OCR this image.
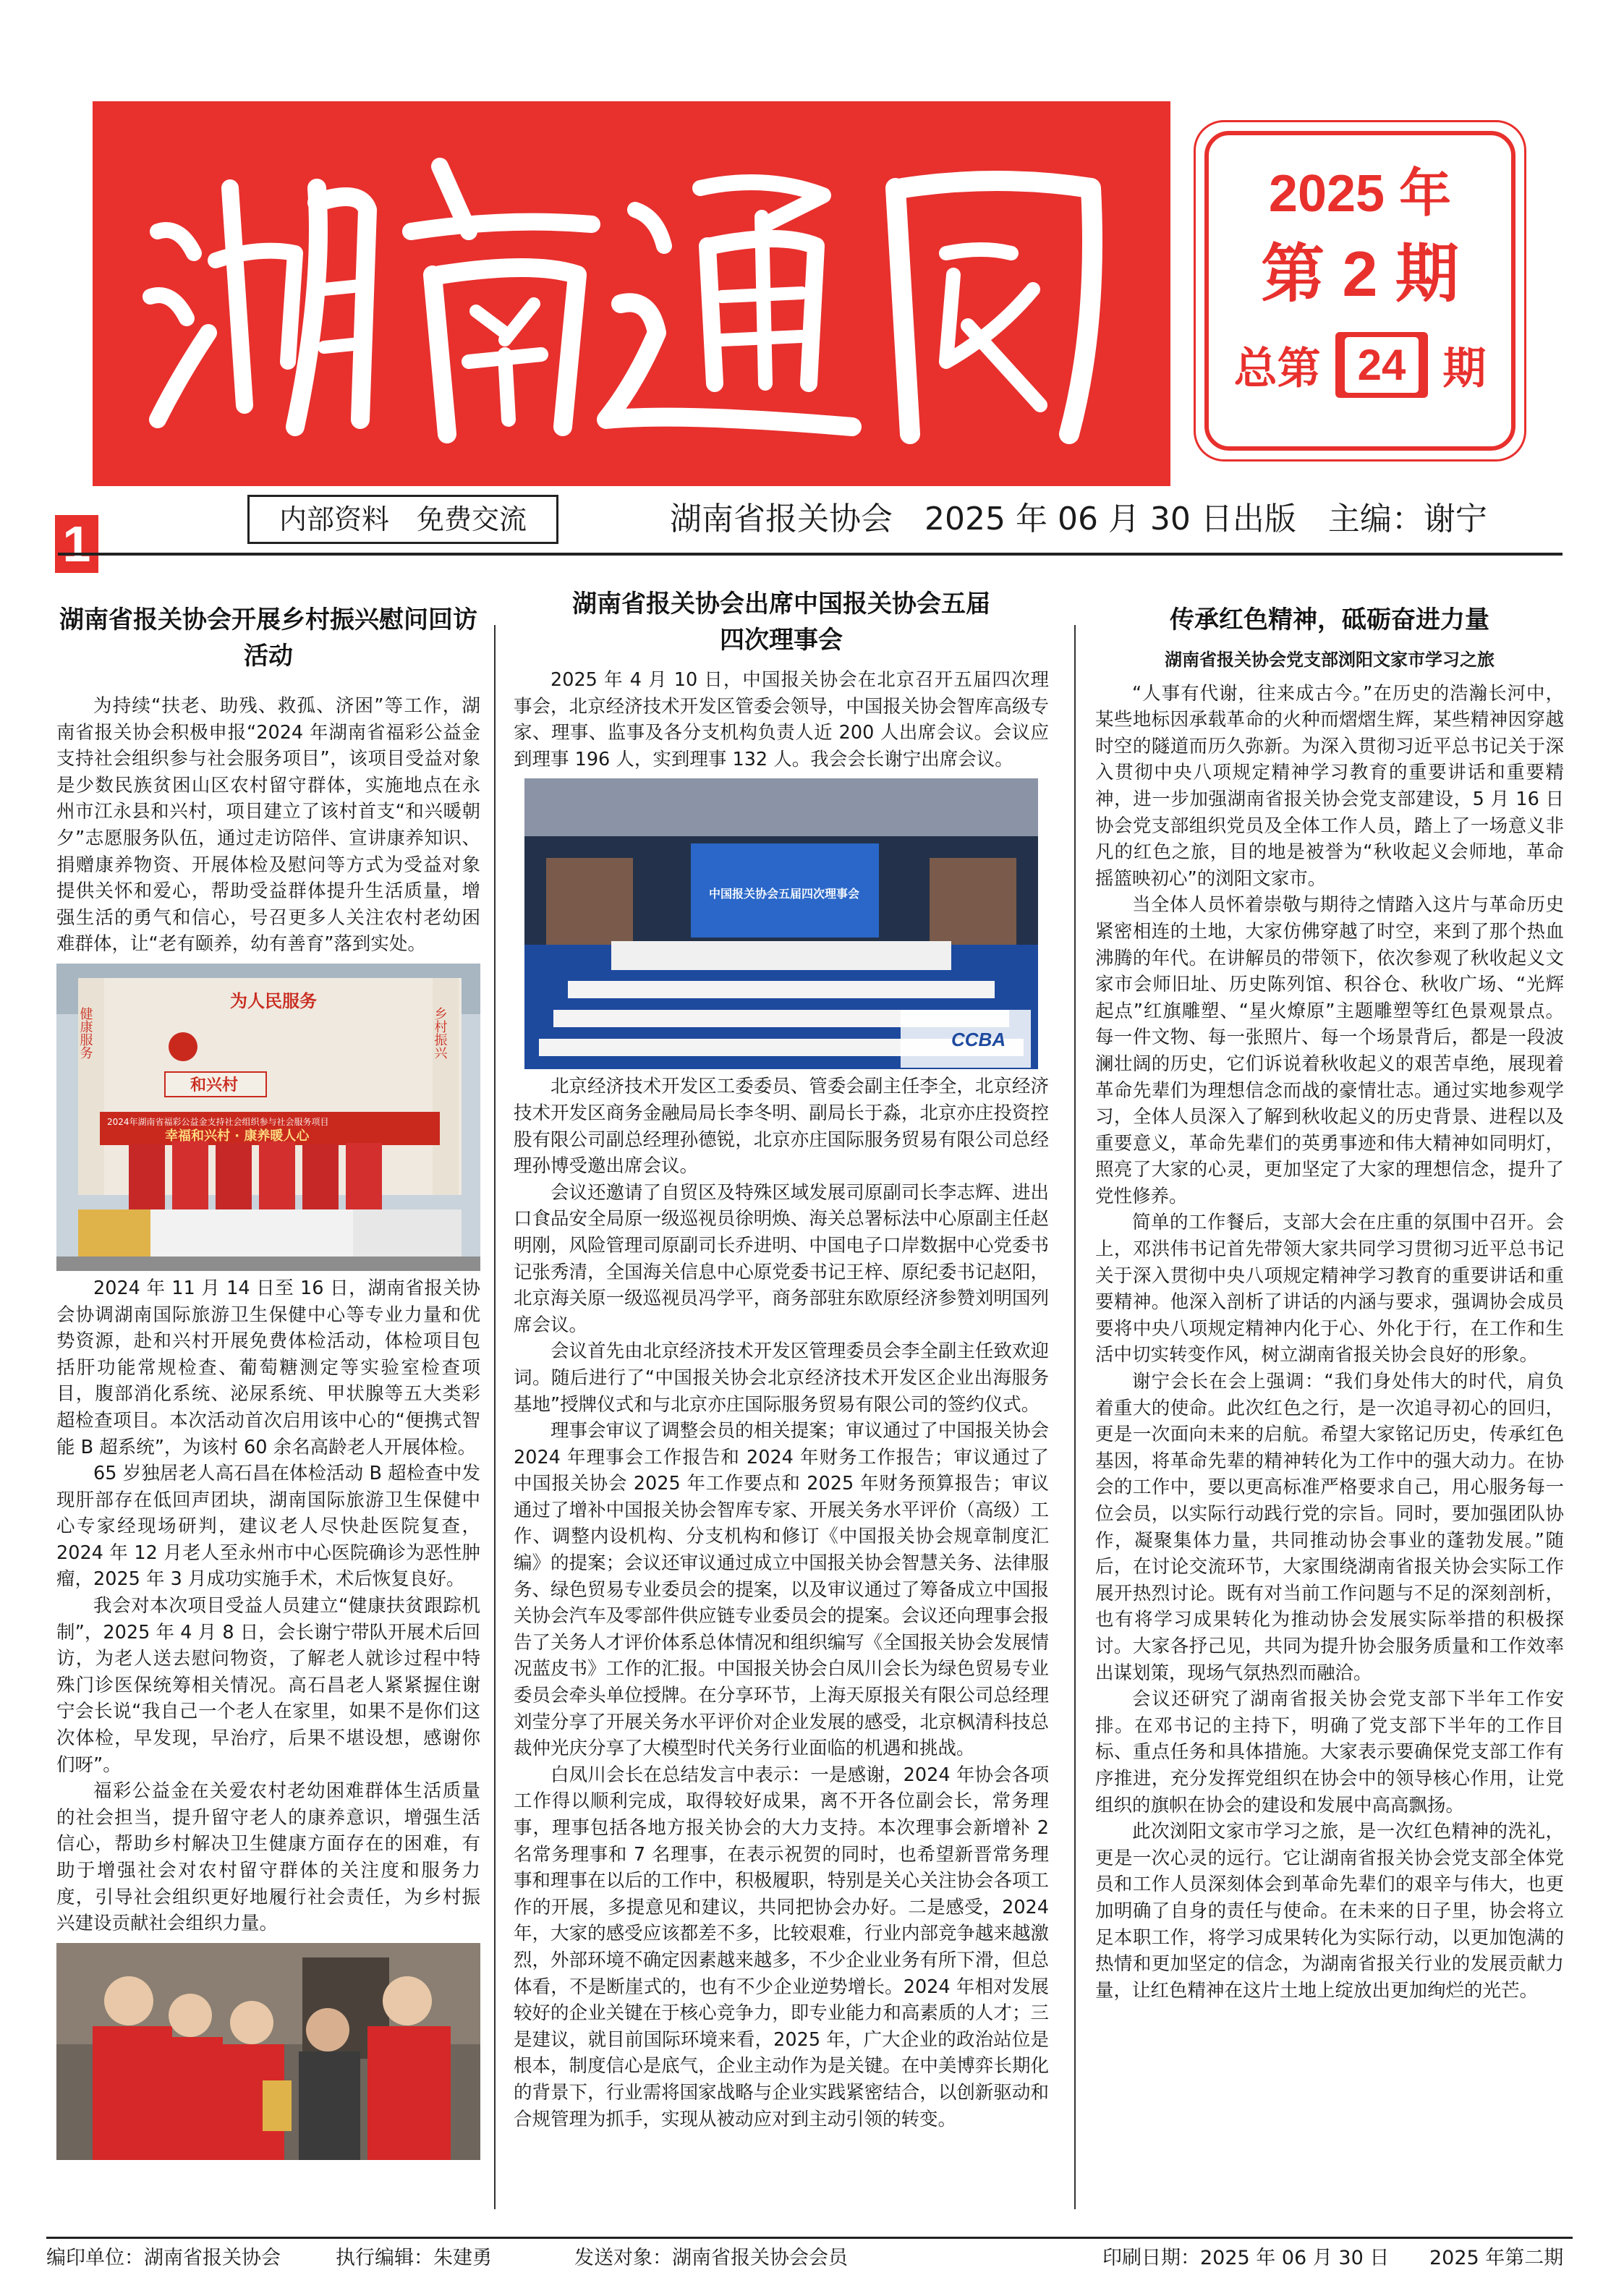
2025 年
第 2 期
总第 24 期
1	内部资料　免费交流	湖南省报关协会　2025 年 06 月 30 日出版　主编：谢宁
湖南省报关协会开展乡村振兴慰问回访活动

为持续“扶老、助残、救孤、济困”等工作，湖南省报关协会积极申报“2024 年湖南省福彩公益金支持社会组织参与社会服务项目”，该项目受益对象是少数民族贫困山区农村留守群体，实施地点在永州市江永县和兴村，项目建立了该村首支“和兴暖朝夕”志愿服务队伍，通过走访陪伴、宣讲康养知识、捐赠康养物资、开展体检及慰问等方式为受益对象提供关怀和爱心，帮助受益群体提升生活质量，增强生活的勇气和信心，号召更多人关注农村老幼困难群体，让“老有颐养，幼有善育”落到实处。

健康服务	乡村振兴
为人民服务
和兴村
2024年湖南省福彩公益金支持社会组织参与社会服务项目
幸福和兴村 · 康养暖人心

2024 年 11 月 14 日至 16 日，湖南省报关协会协调湖南国际旅游卫生保健中心等专业力量和优势资源，赴和兴村开展免费体检活动，体检项目包括肝功能常规检查、葡萄糖测定等实验室检查项目，腹部消化系统、泌尿系统、甲状腺等五大类彩超检查项目。本次活动首次启用该中心的“便携式智能 B 超系统”，为该村 60 余名高龄老人开展体检。

65 岁独居老人高石昌在体检活动 B 超检查中发现肝部存在低回声团块，湖南国际旅游卫生保健中心专家经现场研判，建议老人尽快赴医院复查，2024 年 12 月老人至永州市中心医院确诊为恶性肿瘤，2025 年 3 月成功实施手术，术后恢复良好。

我会对本次项目受益人员建立“健康扶贫跟踪机制”，2025 年 4 月 8 日，会长谢宁带队开展术后回访，为老人送去慰问物资，了解老人就诊过程中特殊门诊医保统筹相关情况。高石昌老人紧紧握住谢宁会长说“我自己一个老人在家里，如果不是你们这次体检，早发现，早治疗，后果不堪设想，感谢你们呀”。

福彩公益金在关爱农村老幼困难群体生活质量的社会担当，提升留守老人的康养意识，增强生活信心，帮助乡村解决卫生健康方面存在的困难，有助于增强社会对农村留守群体的关注度和服务力度，引导社会组织更好地履行社会责任，为乡村振兴建设贡献社会组织力量。

湖南省报关协会出席中国报关协会五届四次理事会

2025 年 4 月 10 日，中国报关协会在北京召开五届四次理事会，北京经济技术开发区管委会领导，中国报关协会智库高级专家、理事、监事及各分支机构负责人近 200 人出席会议。会议应到理事 196 人，实到理事 132 人。我会会长谢宁出席会议。

中国报关协会五届四次理事会
CCBA

北京经济技术开发区工委委员、管委会副主任李全，北京经济技术开发区商务金融局局长李冬明、副局长于淼，北京亦庄投资控股有限公司副总经理孙德锐，北京亦庄国际服务贸易有限公司总经理孙博受邀出席会议。

会议还邀请了自贸区及特殊区域发展司原副司长李志辉、进出口食品安全局原一级巡视员徐明焕、海关总署标法中心原副主任赵明刚，风险管理司原副司长乔进明、中国电子口岸数据中心党委书记张秀清，全国海关信息中心原党委书记王梓、原纪委书记赵阳，北京海关原一级巡视员冯学平，商务部驻东欧原经济参赞刘明国列席会议。

会议首先由北京经济技术开发区管理委员会李全副主任致欢迎词。随后进行了“中国报关协会北京经济技术开发区企业出海服务基地”授牌仪式和与北京亦庄国际服务贸易有限公司的签约仪式。

理事会审议了调整会员的相关提案；审议通过了中国报关协会 2024 年理事会工作报告和 2024 年财务工作报告；审议通过了中国报关协会 2025 年工作要点和 2025 年财务预算报告；审议通过了增补中国报关协会智库专家、开展关务水平评价（高级）工作、调整内设机构、分支机构和修订《中国报关协会规章制度汇编》的提案；会议还审议通过成立中国报关协会智慧关务、法律服务、绿色贸易专业委员会的提案，以及审议通过了筹备成立中国报关协会汽车及零部件供应链专业委员会的提案。会议还向理事会报告了关务人才评价体系总体情况和组织编写《全国报关协会发展情况蓝皮书》工作的汇报。中国报关协会白凤川会长为绿色贸易专业委员会牵头单位授牌。在分享环节，上海天原报关有限公司总经理刘莹分享了开展关务水平评价对企业发展的感受，北京枫清科技总裁仲光庆分享了大模型时代关务行业面临的机遇和挑战。

白凤川会长在总结发言中表示：一是感谢，2024 年协会各项工作得以顺利完成，取得较好成果，离不开各位副会长，常务理事，理事包括各地方报关协会的大力支持。本次理事会新增补 2 名常务理事和 7 名理事，在表示祝贺的同时，也希望新晋常务理事和理事在以后的工作中，积极履职，特别是关心关注协会各项工作的开展，多提意见和建议，共同把协会办好。二是感受，2024 年，大家的感受应该都差不多，比较艰难，行业内部竞争越来越激烈，外部环境不确定因素越来越多，不少企业业务有所下滑，但总体看，不是断崖式的，也有不少企业逆势增长。2024 年相对发展较好的企业关键在于核心竞争力，即专业能力和高素质的人才；三是建议，就目前国际环境来看，2025 年，广大企业的政治站位是根本，制度信心是底气，企业主动作为是关键。在中美博弈长期化的背景下，行业需将国家战略与企业实践紧密结合，以创新驱动和合规管理为抓手，实现从被动应对到主动引领的转变。

传承红色精神，砥砺奋进力量
湖南省报关协会党支部浏阳文家市学习之旅

“人事有代谢，往来成古今。”在历史的浩瀚长河中，某些地标因承载革命的火种而熠熠生辉，某些精神因穿越时空的隧道而历久弥新。为深入贯彻习近平总书记关于深入贯彻中央八项规定精神学习教育的重要讲话和重要精神，进一步加强湖南省报关协会党支部建设，5 月 16 日协会党支部组织党员及全体工作人员，踏上了一场意义非凡的红色之旅，目的地是被誉为“秋收起义会师地，革命摇篮映初心”的浏阳文家市。

当全体人员怀着崇敬与期待之情踏入这片与革命历史紧密相连的土地，大家仿佛穿越了时空，来到了那个热血沸腾的年代。在讲解员的带领下，依次参观了秋收起义文家市会师旧址、历史陈列馆、积谷仓、秋收广场、“光辉起点”红旗雕塑、“星火燎原”主题雕塑等红色景观景点。每一件文物、每一张照片、每一个场景背后，都是一段波澜壮阔的历史，它们诉说着秋收起义的艰苦卓绝，展现着革命先辈们为理想信念而战的豪情壮志。通过实地参观学习，全体人员深入了解到秋收起义的历史背景、进程以及重要意义，革命先辈们的英勇事迹和伟大精神如同明灯，照亮了大家的心灵，更加坚定了大家的理想信念，提升了党性修养。

简单的工作餐后，支部大会在庄重的氛围中召开。会上，邓洪伟书记首先带领大家共同学习贯彻习近平总书记关于深入贯彻中央八项规定精神学习教育的重要讲话和重要精神。他深入剖析了讲话的内涵与要求，强调协会成员要将中央八项规定精神内化于心、外化于行，在工作和生活中切实转变作风，树立湖南省报关协会良好的形象。

谢宁会长在会上强调：“我们身处伟大的时代，肩负着重大的使命。此次红色之行，是一次追寻初心的回归，更是一次面向未来的启航。希望大家铭记历史，传承红色基因，将革命先辈的精神转化为工作中的强大动力。在协会的工作中，要以更高标准严格要求自己，用心服务每一位会员，以实际行动践行党的宗旨。同时，要加强团队协作，凝聚集体力量，共同推动协会事业的蓬勃发展。”随后，在讨论交流环节，大家围绕湖南省报关协会实际工作展开热烈讨论。既有对当前工作问题与不足的深刻剖析，也有将学习成果转化为推动协会发展实际举措的积极探讨。大家各抒己见，共同为提升协会服务质量和工作效率出谋划策，现场气氛热烈而融洽。

会议还研究了湖南省报关协会党支部下半年工作安排。在邓书记的主持下，明确了党支部下半年的工作目标、重点任务和具体措施。大家表示要确保党支部工作有序推进，充分发挥党组织在协会中的领导核心作用，让党组织的旗帜在协会的建设和发展中高高飘扬。

此次浏阳文家市学习之旅，是一次红色精神的洗礼，更是一次心灵的远行。它让湖南省报关协会党支部全体党员和工作人员深刻体会到革命先辈们的艰辛与伟大，也更加明确了自身的责任与使命。在未来的日子里，协会将立足本职工作，将学习成果转化为实际行动，以更加饱满的热情和更加坚定的信念，为湖南省报关行业的发展贡献力量，让红色精神在这片土地上绽放出更加绚烂的光芒。

编印单位：湖南省报关协会	执行编辑：朱建勇	发送对象：湖南省报关协会会员	印刷日期：2025 年 06 月 30 日 2025 年第二期
